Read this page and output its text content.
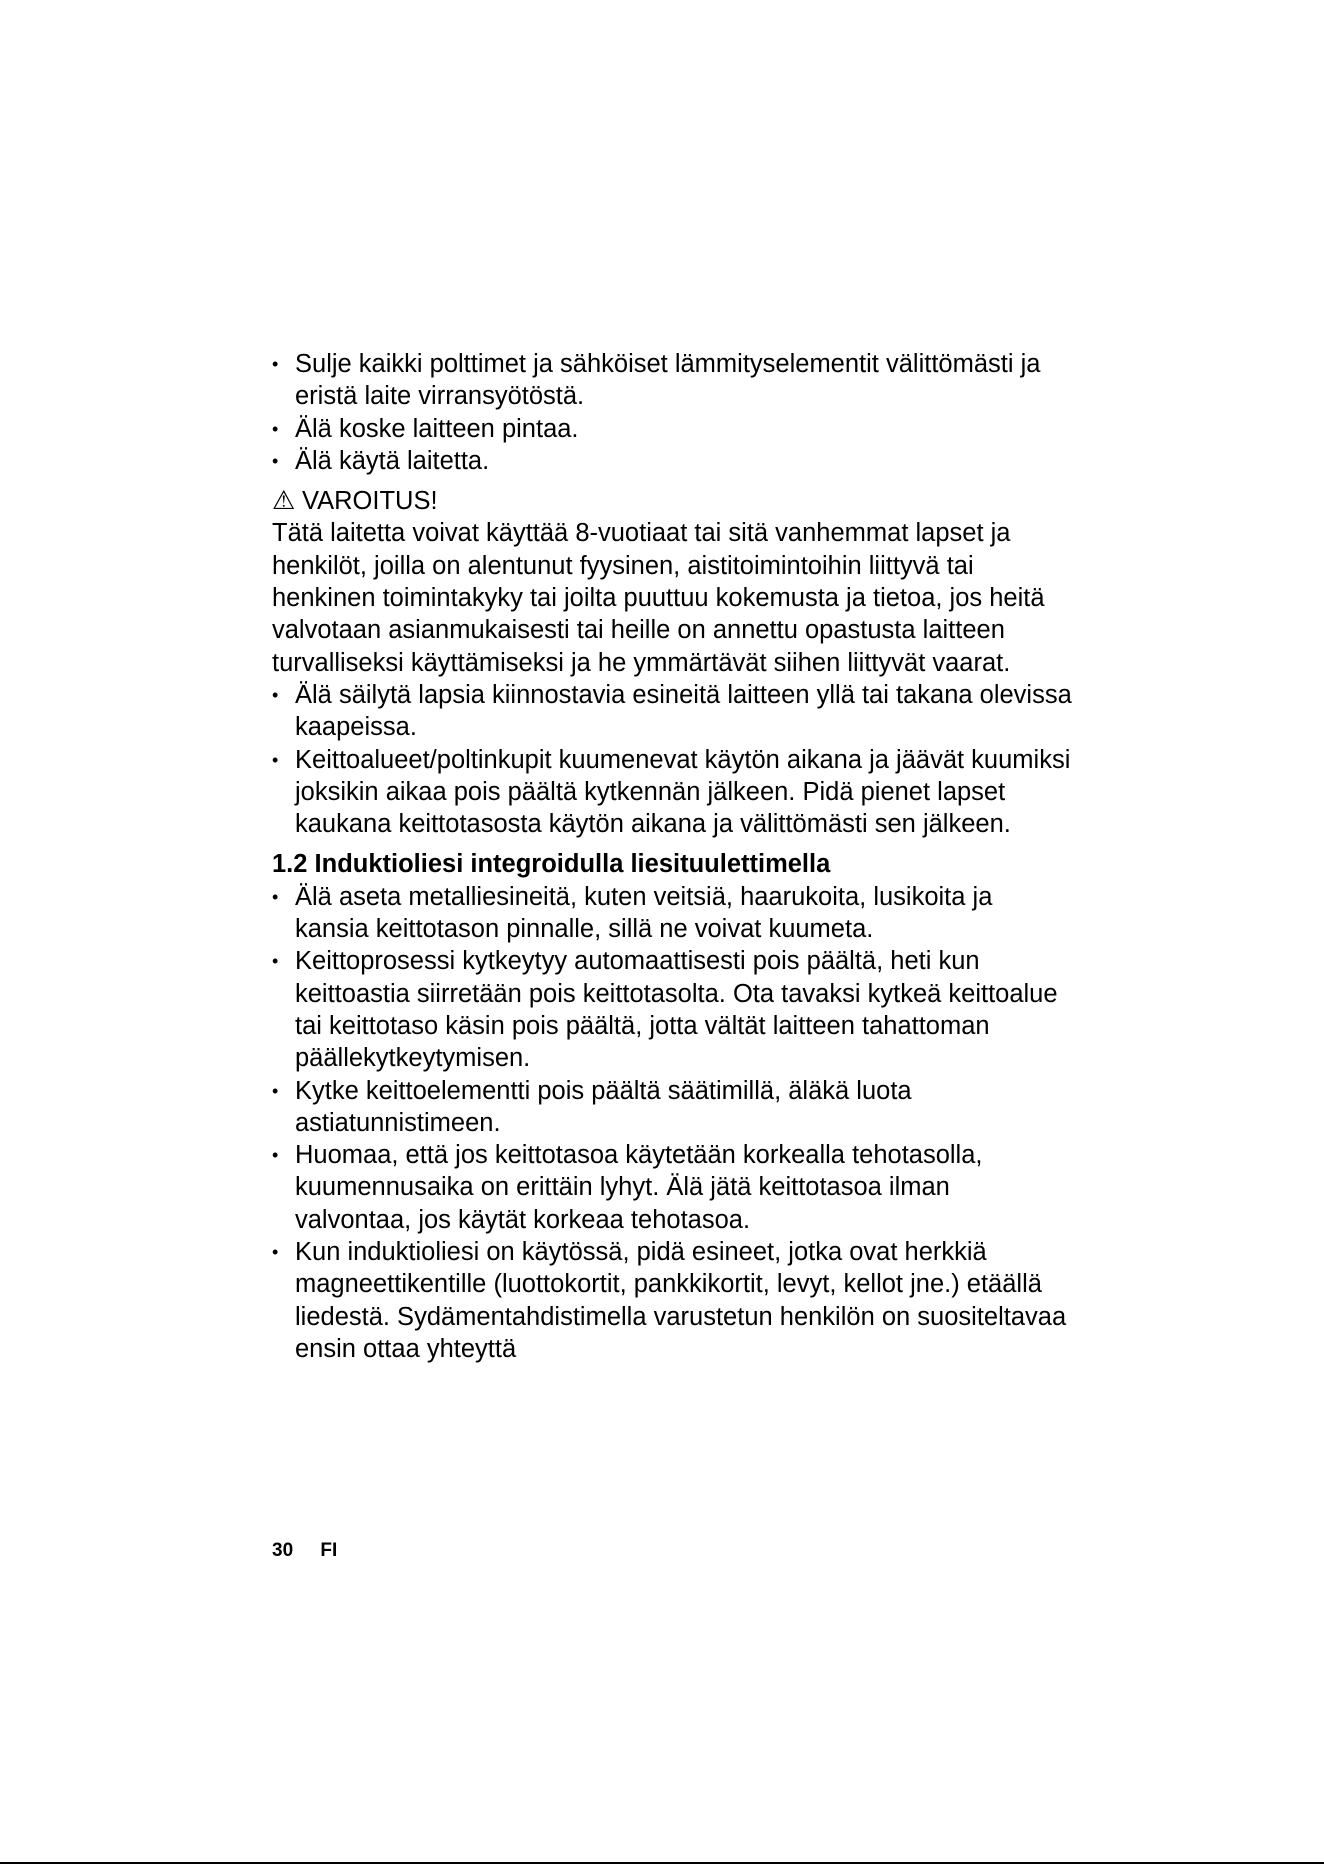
• Sulje kaikki polttimet ja sähköiset lämmityselementit välittömästi ja eristä laite virransyötöstä.
• Älä koske laitteen pintaa.
• Älä käytä laitetta.
⚠ VAROITUS!

Tätä laitetta voivat käyttää 8-vuotiaat tai sitä vanhemmat lapset ja henkilöt, joilla on alentunut fyysinen, aistitoimintoihin liittyvä tai henkinen toimintakyky tai joilta puuttuu kokemusta ja tietoa, jos heitä valvotaan asianmukaisesti tai heille on annettu opastusta laitteen turvalliseksi käyttämiseksi ja he ymmärtävät siihen liittyvät vaarat.

• Älä säilytä lapsia kiinnostavia esineitä laitteen yllä tai takana olevissa kaapeissa.
• Keittoalueet/poltinkupit kuumenevat käytön aikana ja jäävät kuumiksi joksikin aikaa pois päältä kytkennän jälkeen. Pidä pienet lapset kaukana keittotasosta käytön aikana ja välittömästi sen jälkeen.
1.2 Induktioliesi integroidulla liesituulettimella
• Älä aseta metalliesineitä, kuten veitsiä, haarukoita, lusikoita ja kansia keittotason pinnalle, sillä ne voivat kuumeta.
• Keittoprosessi kytkeytyy automaattisesti pois päältä, heti kun keittoastia siirretään pois keittotasolta. Ota tavaksi kytkeä keittoalue tai keittotaso käsin pois päältä, jotta vältät laitteen tahattoman päällekytkeytymisen.
• Kytke keittoelementti pois päältä säätimillä, äläkä luota astiatunnistimeen.
• Huomaa, että jos keittotasoa käytetään korkealla tehotasolla, kuumennusaika on erittäin lyhyt. Älä jätä keittotasoa ilman valvontaa, jos käytät korkeaa tehotasoa.
• Kun induktioliesi on käytössä, pidä esineet, jotka ovat herkkiä magneettikentille (luottokortit, pankkikortit, levyt, kellot jne.) etäällä liedestä. Sydämentahdistimella varustetun henkilön on suositeltavaa ensin ottaa yhteyttä
30 FI
